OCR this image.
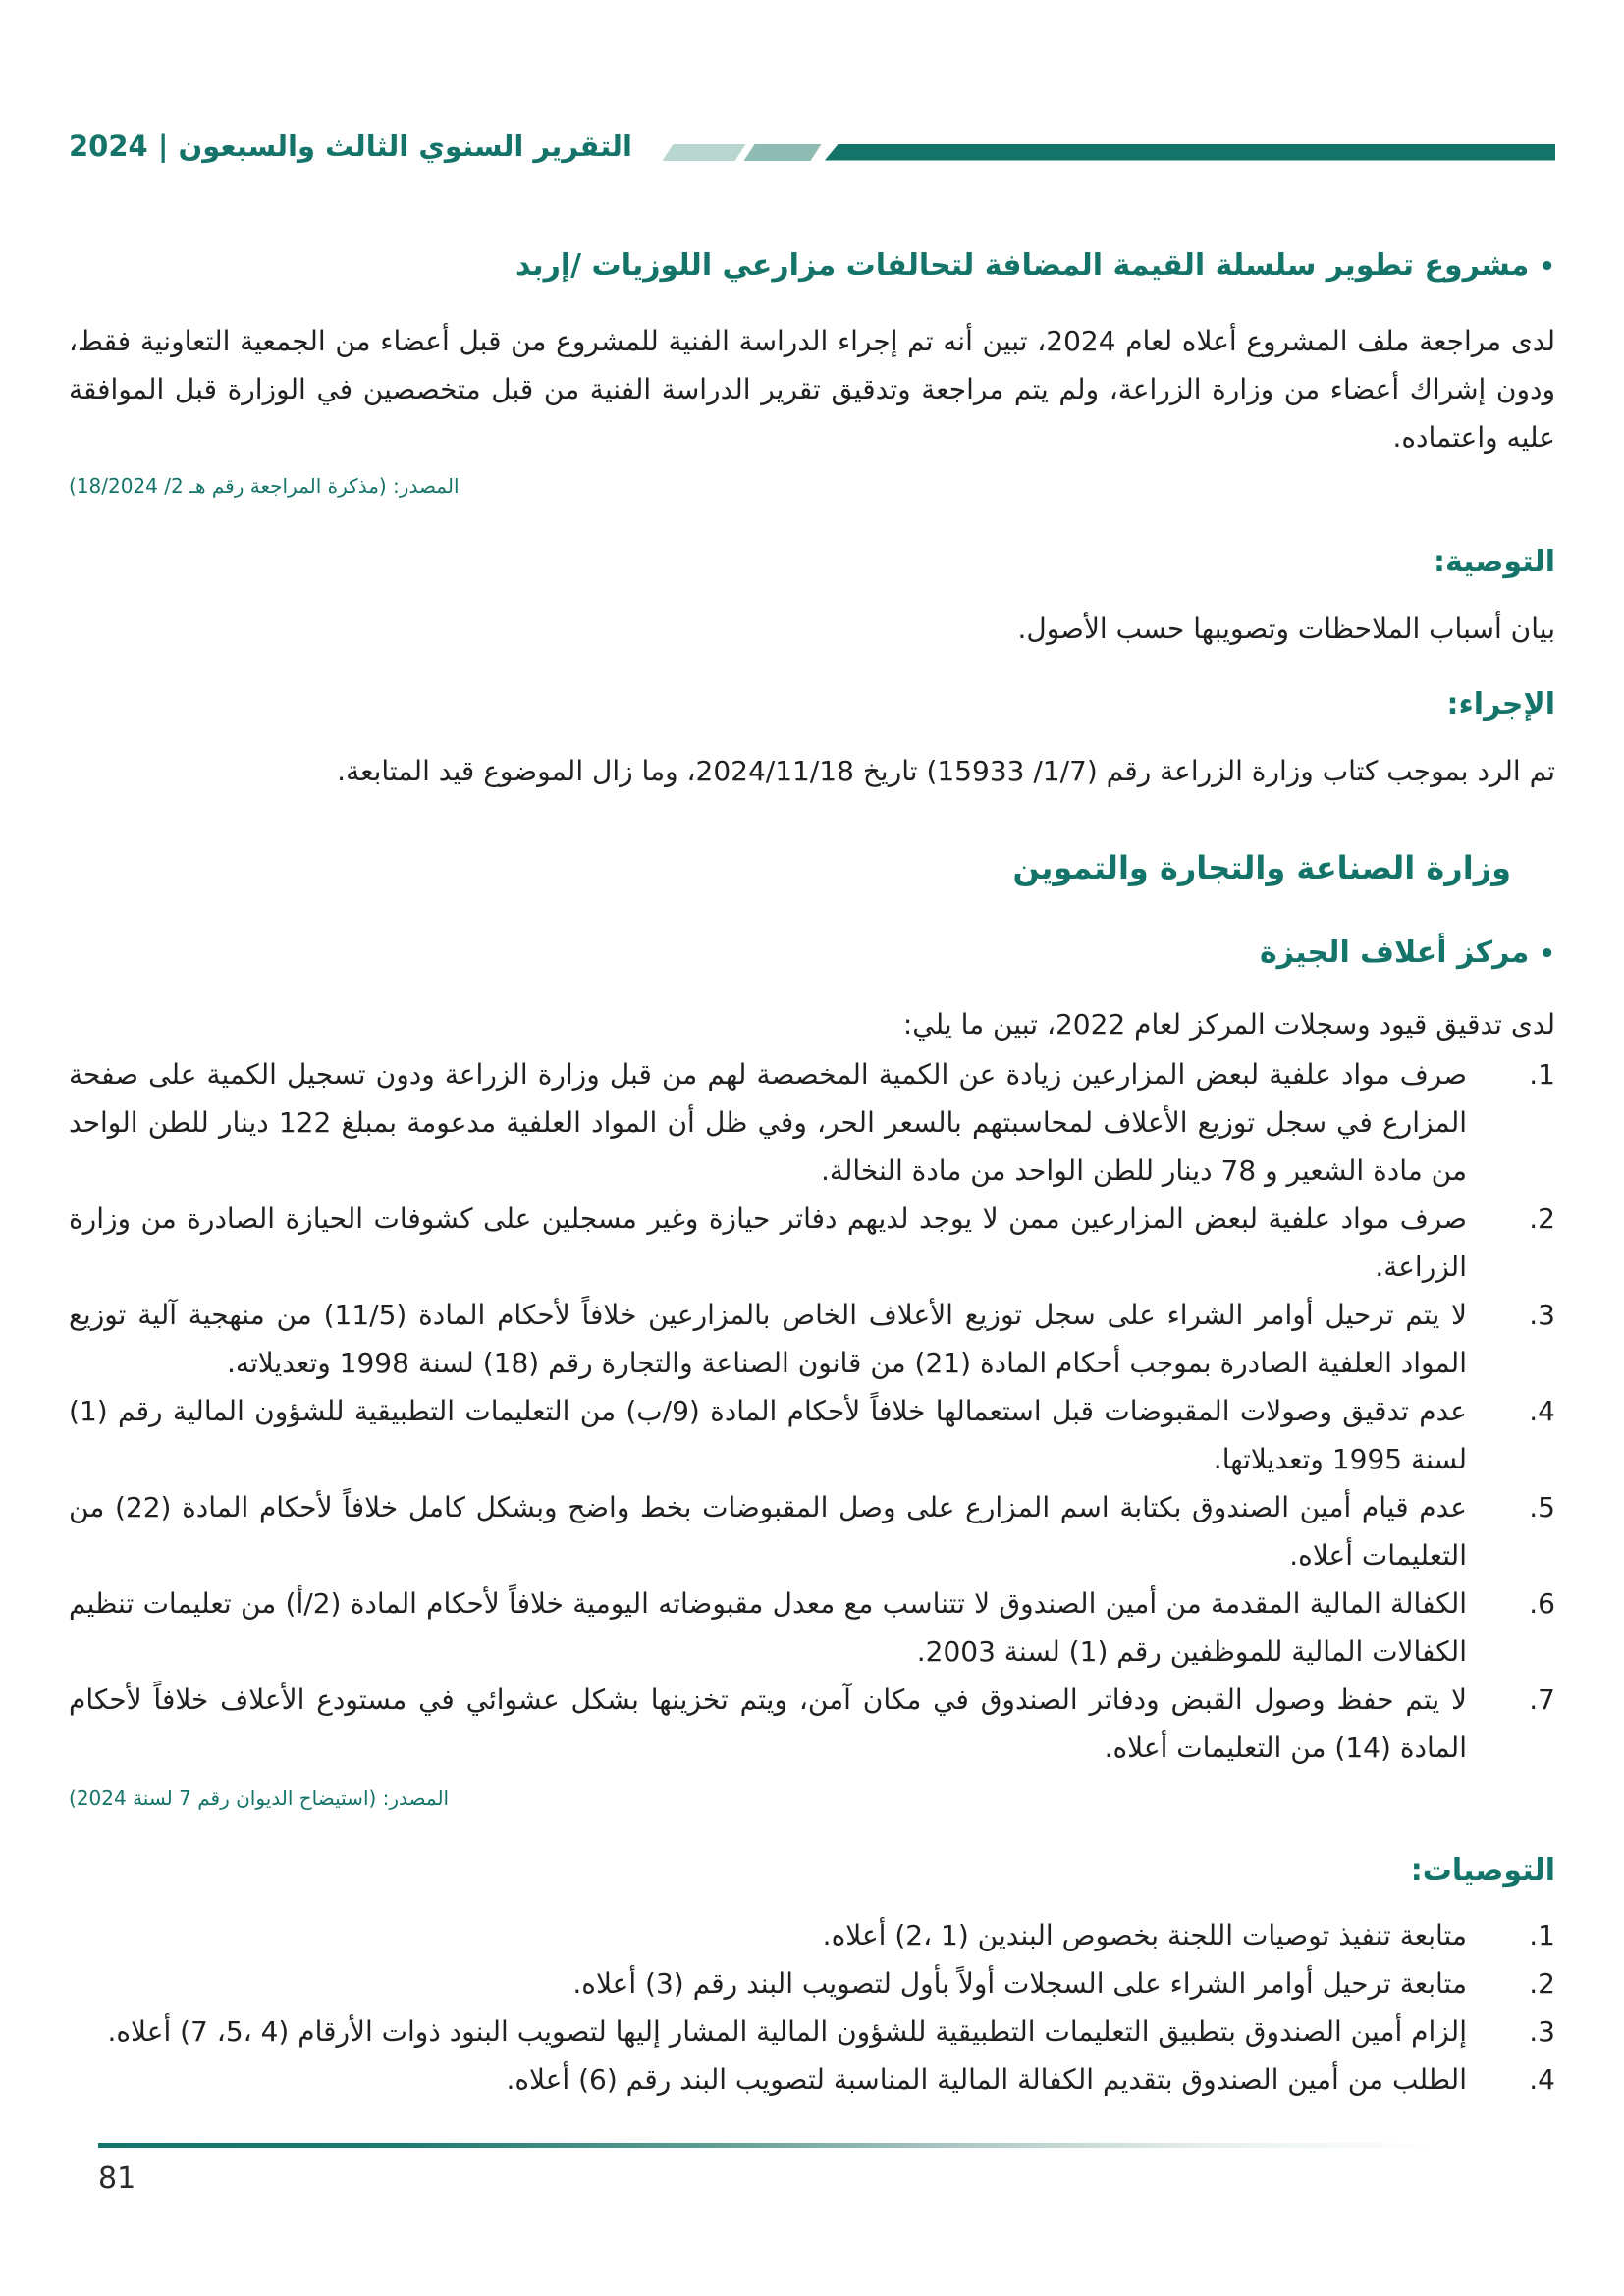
التقرير السنوي الثالث والسبعون | 2024
•مشروع تطوير سلسلة القيمة المضافة لتحالفات مزارعي اللوزيات /إربد
لدى مراجعة ملف المشروع أعلاه لعام 2024، تبين أنه تم إجراء الدراسة الفنية للمشروع من قبل أعضاء من الجمعية التعاونية فقط، ودون إشراك أعضاء من وزارة الزراعة، ولم يتم مراجعة وتدقيق تقرير الدراسة الفنية من قبل متخصصين في الوزارة قبل الموافقة عليه واعتماده.
المصدر: (مذكرة المراجعة رقم هـ 2/ 18/2024)
التوصية:
بيان أسباب الملاحظات وتصويبها حسب الأصول.
الإجراء:
تم الرد بموجب كتاب وزارة الزراعة رقم (1/7/ 15933) تاريخ 2024/11/18، وما زال الموضوع قيد المتابعة.
وزارة الصناعة والتجارة والتموين
•مركز أعلاف الجيزة
لدى تدقيق قيود وسجلات المركز لعام 2022، تبين ما يلي:
1.
صرف مواد علفية لبعض المزارعين زيادة عن الكمية المخصصة لهم من قبل وزارة الزراعة ودون تسجيل الكمية على صفحة المزارع في سجل توزيع الأعلاف لمحاسبتهم بالسعر الحر، وفي ظل أن المواد العلفية مدعومة بمبلغ 122 دينار للطن الواحد من مادة الشعير و 78 دينار للطن الواحد من مادة النخالة.
2.
صرف مواد علفية لبعض المزارعين ممن لا يوجد لديهم دفاتر حيازة وغير مسجلين على كشوفات الحيازة الصادرة من وزارة الزراعة.
3.
لا يتم ترحيل أوامر الشراء على سجل توزيع الأعلاف الخاص بالمزارعين خلافاً لأحكام المادة (11/5) من منهجية آلية توزيع المواد العلفية الصادرة بموجب أحكام المادة (21) من قانون الصناعة والتجارة رقم (18) لسنة 1998 وتعديلاته.
4.
عدم تدقيق وصولات المقبوضات قبل استعمالها خلافاً لأحكام المادة (9/ب) من التعليمات التطبيقية للشؤون المالية رقم (1) لسنة 1995 وتعديلاتها.
5.
عدم قيام أمين الصندوق بكتابة اسم المزارع على وصل المقبوضات بخط واضح وبشكل كامل خلافاً لأحكام المادة (22) من التعليمات أعلاه.
6.
الكفالة المالية المقدمة من أمين الصندوق لا تتناسب مع معدل مقبوضاته اليومية خلافاً لأحكام المادة (2/أ) من تعليمات تنظيم الكفالات المالية للموظفين رقم (1) لسنة 2003.
7.
لا يتم حفظ وصول القبض ودفاتر الصندوق في مكان آمن، ويتم تخزينها بشكل عشوائي في مستودع الأعلاف خلافاً لأحكام المادة (14) من التعليمات أعلاه.
المصدر: (استيضاح الديوان رقم 7 لسنة 2024)
التوصيات:
1.
متابعة تنفيذ توصيات اللجنة بخصوص البندين (1 ،2) أعلاه.
2.
متابعة ترحيل أوامر الشراء على السجلات أولاً بأول لتصويب البند رقم (3) أعلاه.
3.
إلزام أمين الصندوق بتطبيق التعليمات التطبيقية للشؤون المالية المشار إليها لتصويب البنود ذوات الأرقام (4 ،5، 7) أعلاه.
4.
الطلب من أمين الصندوق بتقديم الكفالة المالية المناسبة لتصويب البند رقم (6) أعلاه.
81
